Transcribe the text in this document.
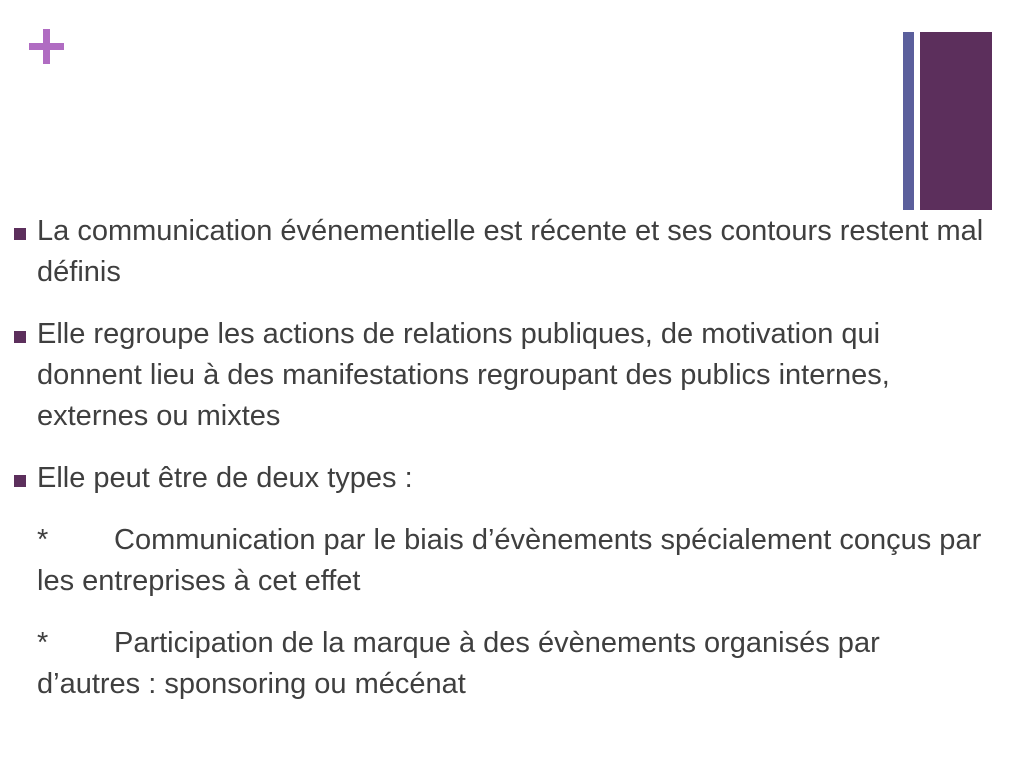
La communication événementielle est récente et ses contours restent mal définis
Elle regroupe les actions de relations publiques, de motivation qui donnent lieu à des manifestations regroupant des publics internes, externes ou mixtes
Elle peut être de deux types :
* Communication par le biais d’évènements spécialement conçus par les entreprises à cet effet
* Participation de la marque à des évènements organisés par d’autres : sponsoring ou mécénat
